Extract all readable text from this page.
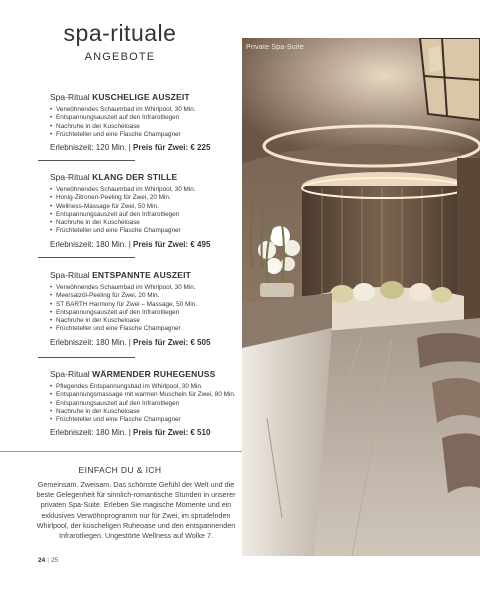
spa-rituale
ANGEBOTE
Spa-Ritual KUSCHELIGE AUSZEIT
• Verwöhnendes Schaumbad im Whirlpool, 30 Min.
• Entspannungsauszeit auf den Infrarotliegen
• Nachruhe in der Kuscheloase
• Früchteteller und eine Flasche Champagner
Erlebniszeit: 120 Min. | Preis für Zwei: € 225
Spa-Ritual KLANG DER STILLE
• Verwöhnendes Schaumbad im Whirlpool, 30 Min.
• Honig-Zitronen-Peeling für Zwei, 20 Min.
• Wellness-Massage für Zwei, 50 Min.
• Entspannungsauszeit auf den Infrarotliegen
• Nachruhe in der Kuscheloase
• Früchteteller und eine Flasche Champagner
Erlebniszeit: 180 Min. | Preis für Zwei: € 495
Spa-Ritual ENTSPANNTE AUSZEIT
• Verwöhnendes Schaumbad im Whirlpool, 30 Min.
• Meersalzöl-Peeling für Zwei, 20 Min.
• ST BARTH Harmony für Zwei – Massage, 50 Min.
• Entspannungsauszeit auf den Infrarotliegen
• Nachruhe in der Kuscheloase
• Früchteteller und eine Flasche Champagner
Erlebniszeit: 180 Min. | Preis für Zwei: € 505
Spa-Ritual WÄRMENDER RUHEGENUSS
• Pflegendes Entspannungsbad im Whirlpool, 30 Min.
• Entspannungsmassage mit warmen Muscheln für Zwei, 80 Min.
• Entspannungsauszeit auf den Infrarotliegen
• Nachruhe in der Kuscheloase
• Früchteteller und eine Flasche Champagner
Erlebniszeit: 180 Min. | Preis für Zwei: € 510
EINFACH DU & ICH
Gemeinsam. Zweisam. Das schönste Gefühl der Welt und die beste Gelegenheit für sinnlich-romantische Stunden in unserer privaten Spa-Suite. Erleben Sie magische Momente und ein exklusives Verwöhnprogramm nur für Zwei, im sprudelnden Whirlpool, der kuscheligen Ruheoase und den entspannenden Infrarotliegen. Ungestörte Wellness auf Wolke 7.
24 | 25
Private Spa-Suite
